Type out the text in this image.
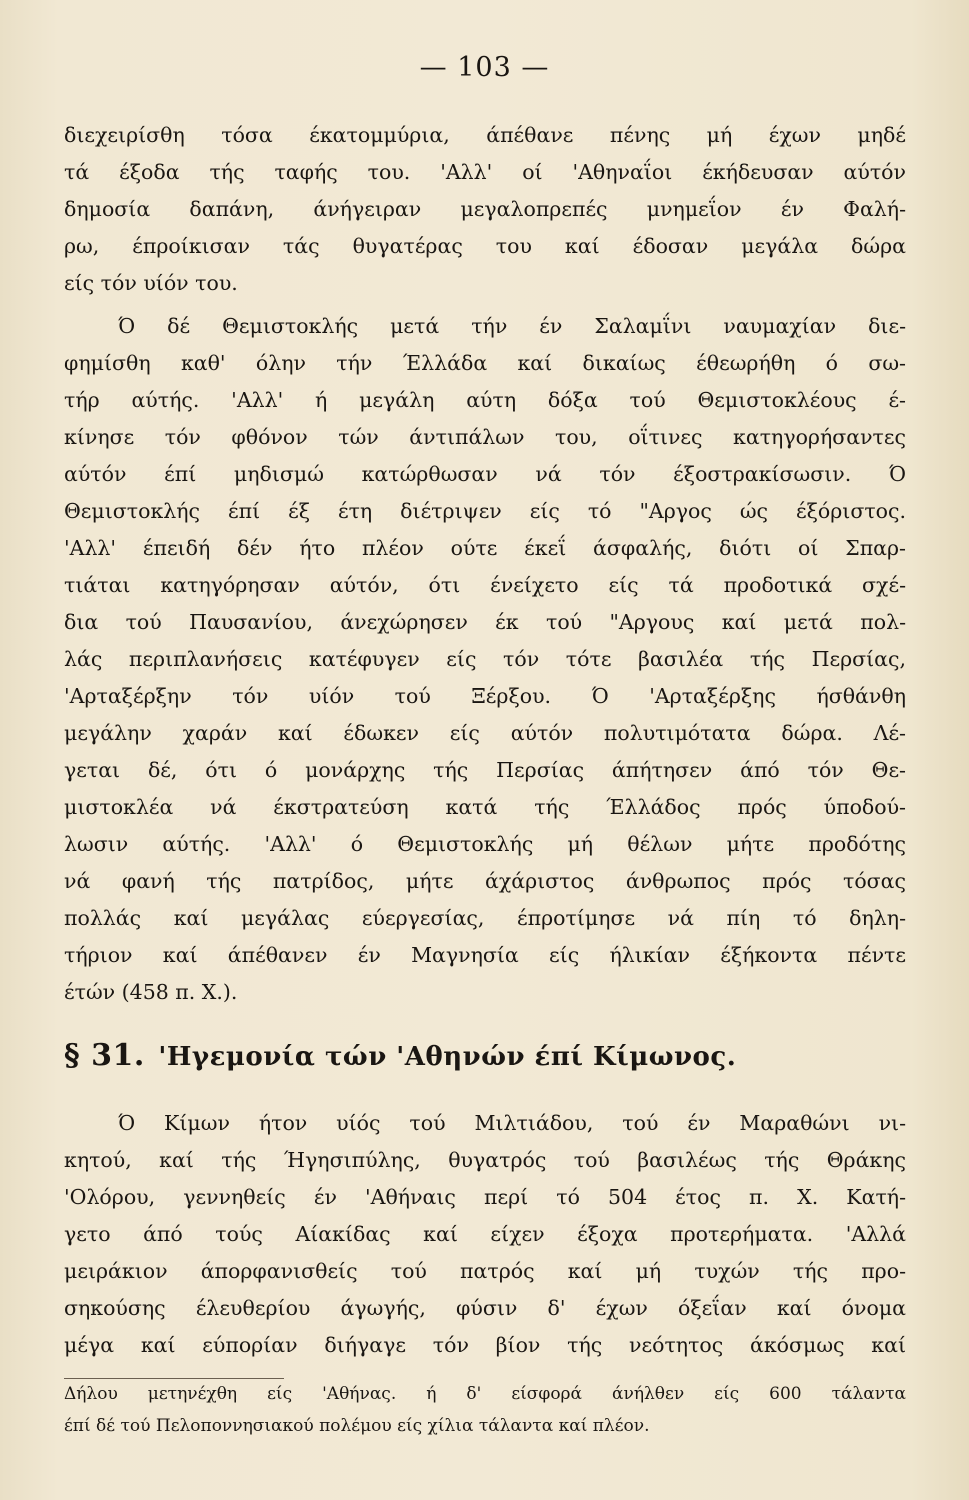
— 103 —
διεχειρίσθη τόσα έκατομμύρια, άπέθανε πένης μή έχων μηδέ
τά έξοδα τής ταφής του. 'Αλλ' οί 'Αθηναΐοι έκήδευσαν αύτόν
δημοσία δαπάνη, άνήγειραν μεγαλοπρεπές μνημεΐον έν Φαλή-
ρω, έπροίκισαν τάς θυγατέρας του καί έδοσαν μεγάλα δώρα
είς τόν υίόν του.
Ό δέ Θεμιστοκλής μετά τήν έν Σαλαμΐνι ναυμαχίαν διε-
φημίσθη καθ' όλην τήν Έλλάδα καί δικαίως έθεωρήθη ό σω-
τήρ αύτής. 'Αλλ' ή μεγάλη αύτη δόξα τού Θεμιστοκλέους έ-
κίνησε τόν φθόνον τών άντιπάλων του, οΐτινες κατηγορήσαντες
αύτόν έπί μηδισμώ κατώρθωσαν νά τόν έξοστρακίσωσιν. Ό
Θεμιστοκλής έπί έξ έτη διέτριψεν είς τό "Αργος ώς έξόριστος.
'Αλλ' έπειδή δέν ήτο πλέον ούτε έκεΐ άσφαλής, διότι οί Σπαρ-
τιάται κατηγόρησαν αύτόν, ότι ένείχετο είς τά προδοτικά σχέ-
δια τού Παυσανίου, άνεχώρησεν έκ τού "Αργους καί μετά πολ-
λάς περιπλανήσεις κατέφυγεν είς τόν τότε βασιλέα τής Περσίας,
'Αρταξέρξην τόν υίόν τού Ξέρξου. Ό 'Αρταξέρξης ήσθάνθη
μεγάλην χαράν καί έδωκεν είς αύτόν πολυτιμότατα δώρα. Λέ-
γεται δέ, ότι ό μονάρχης τής Περσίας άπήτησεν άπό τόν Θε-
μιστοκλέα νά έκστρατεύση κατά τής Έλλάδος πρός ύποδού-
λωσιν αύτής. 'Αλλ' ό Θεμιστοκλής μή θέλων μήτε προδότης
νά φανή τής πατρίδος, μήτε άχάριστος άνθρωπος πρός τόσας
πολλάς καί μεγάλας εύεργεσίας, έπροτίμησε νά πίη τό δηλη-
τήριον καί άπέθανεν έν Μαγνησία είς ήλικίαν έξήκοντα πέντε
έτών (458 π. Χ.).
§ 31. 'Ηγεμονία τών 'Αθηνών έπί Κίμωνος.
Ό Κίμων ήτον υίός τού Μιλτιάδου, τού έν Μαραθώνι νι-
κητού, καί τής Ήγησιπύλης, θυγατρός τού βασιλέως τής Θράκης
'Ολόρου, γεννηθείς έν 'Αθήναις περί τό 504 έτος π. Χ. Κατή-
γετο άπό τούς Αίακίδας καί είχεν έξοχα προτερήματα. 'Αλλά
μειράκιον άπορφανισθείς τού πατρός καί μή τυχών τής προ-
σηκούσης έλευθερίου άγωγής, φύσιν δ' έχων όξεΐαν καί όνομα
μέγα καί εύπορίαν διήγαγε τόν βίον τής νεότητος άκόσμως καί
Δήλου μετηνέχθη είς 'Αθήνας. ή δ' είσφορά άνήλθεν είς 600 τάλαντα
έπί δέ τού Πελοποννησιακού πολέμου είς χίλια τάλαντα καί πλέον.
